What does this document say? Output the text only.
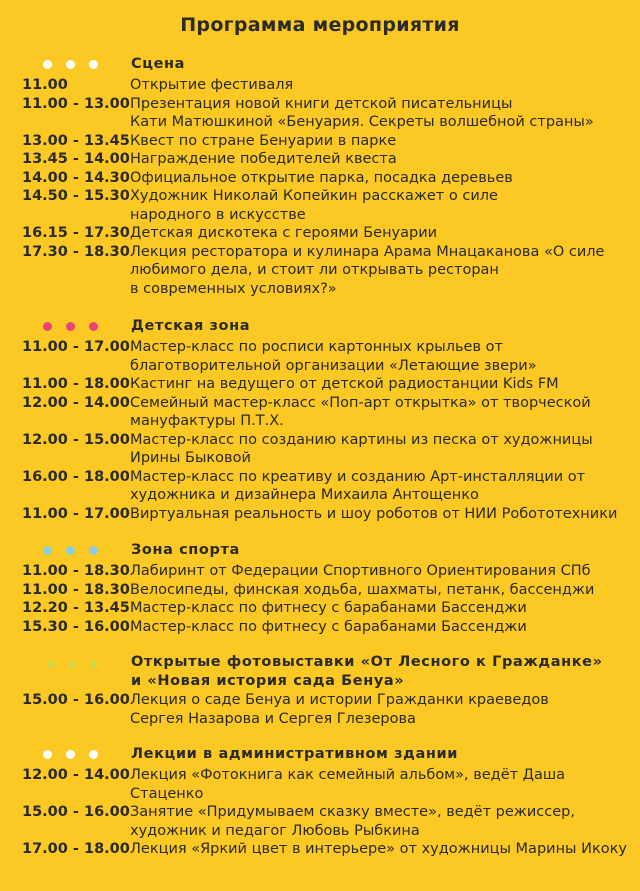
Программа мероприятия
Сцена
11.00	Открытие фестиваля
11.00 - 13.00 Презентация новой книги детской писательницы
Кати Матюшкиной «Бенуария. Секреты волшебной страны»
13.00 - 13.45 Квест по стране Бенуарии в парке
13.45 - 14.00 Награждение победителей квеста
14.00 - 14.30 Официальное открытие парка, посадка деревьев
14.50 - 15.30 Художник Николай Копейкин расскажет о силе
народного в искусстве
16.15 - 17.30 Детская дискотека с героями Бенуарии
17.30 - 18.30 Лекция ресторатора и кулинара Арама Мнацаканова «О силе
любимого дела, и стоит ли открывать ресторан
в современных условиях?»
Детская зона
11.00 - 17.00 Мастер-класс по росписи картонных крыльев от
благотворительной организации «Летающие звери»
11.00 - 18.00 Кастинг на ведущего от детской радиостанции Kids FM
12.00 - 14.00 Семейный мастер-класс «Поп-арт открытка» от творческой
мануфактуры П.Т.Х.
12.00 - 15.00 Мастер-класс по созданию картины из песка от художницы
Ирины Быковой
16.00 - 18.00 Мастер-класс по креативу и созданию Арт-инсталляции от
художника и дизайнера Михаила Антощенко
11.00 - 17.00 Виртуальная реальность и шоу роботов от НИИ Робототехники
Зона спорта
11.00 - 18.30 Лабиринт от Федерации Спортивного Ориентирования СПб
11.00 - 18.30 Велосипеды, финская ходьба, шахматы, петанк, бассенджи
12.20 - 13.45 Мастер-класс по фитнесу с барабанами Бассенджи
15.30 - 16.00 Мастер-класс по фитнесу с барабанами Бассенджи
Открытые фотовыставки «От Лесного к Гражданке»
и «Новая история сада Бенуа»
15.00 - 16.00 Лекция о саде Бенуа и истории Гражданки краеведов
Сергея Назарова и Сергея Глезерова
Лекции в административном здании
12.00 - 14.00 Лекция «Фотокнига как семейный альбом», ведёт Даша Стаценко
15.00 - 16.00 Занятие «Придумываем сказку вместе», ведёт режиссер,
художник и педагог Любовь Рыбкина
17.00 - 18.00 Лекция «Яркий цвет в интерьере» от художницы Марины Икоку
